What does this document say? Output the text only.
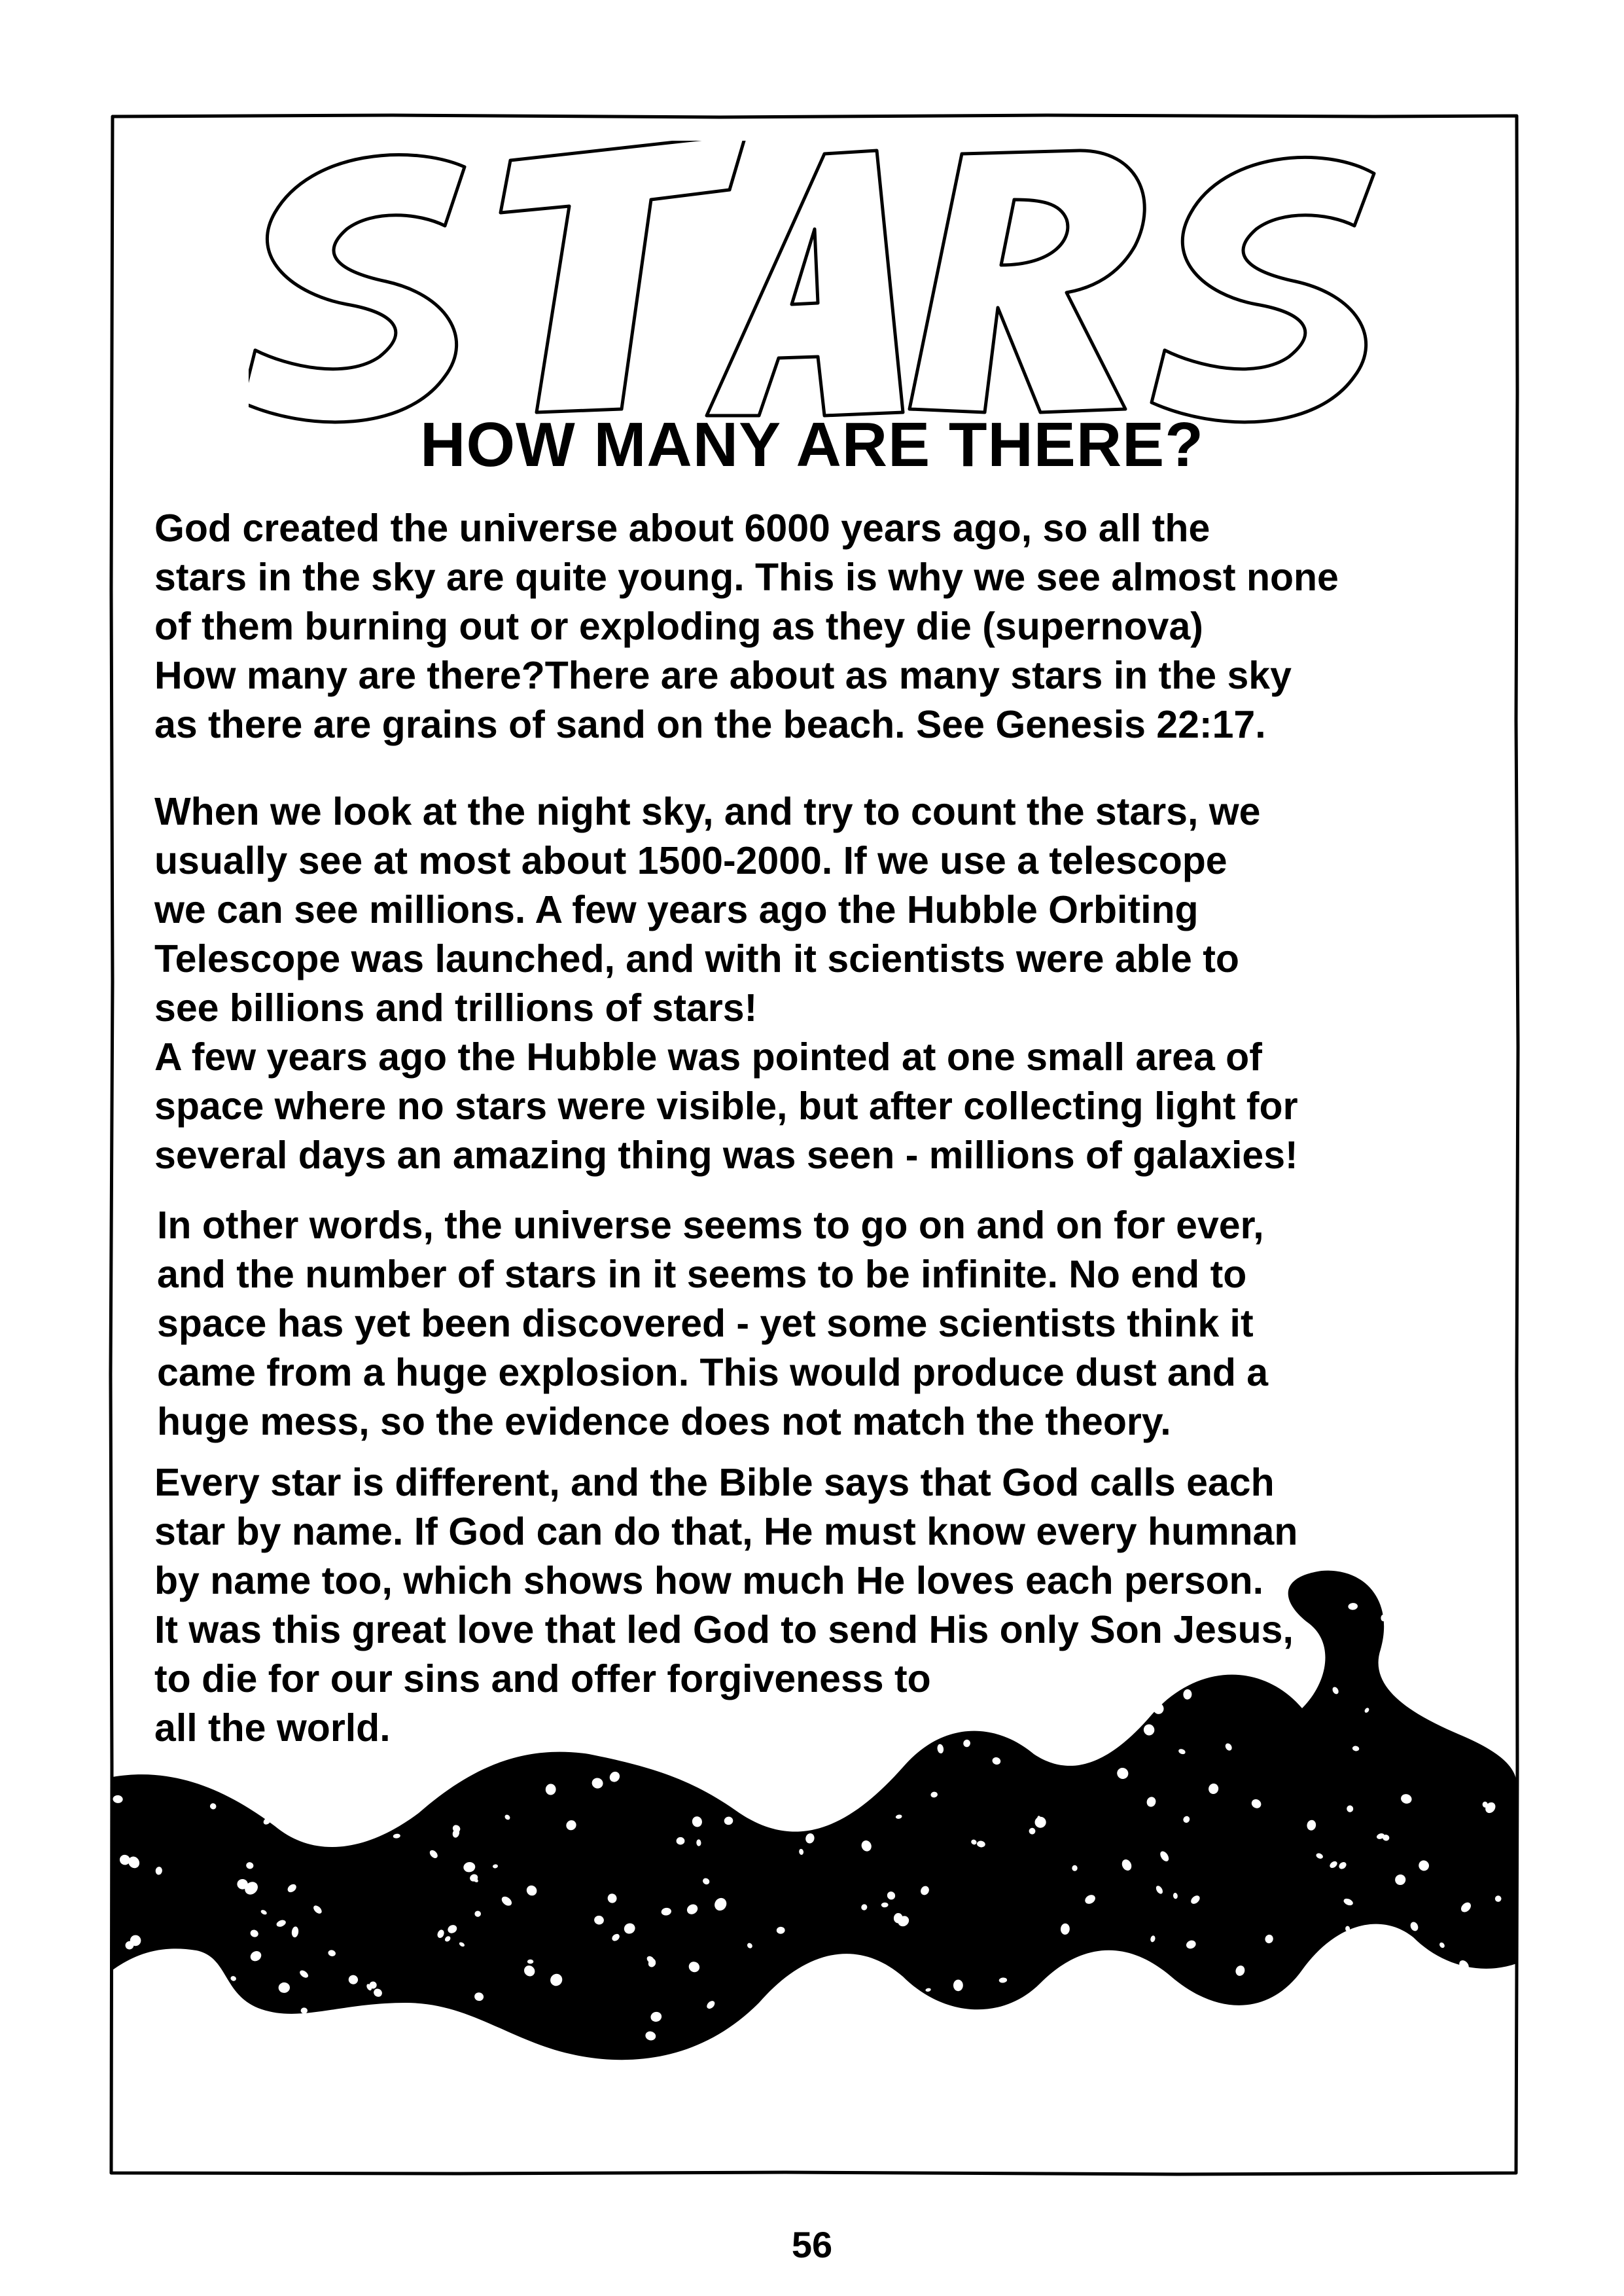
HOW MANY ARE THERE?

God created the universe about 6000 years ago, so all the
stars in the sky are quite young. This is why we see almost none
of them burning out or exploding as they die (supernova)
How many are there?There are about as many stars in the sky
as there are grains of sand on the beach. See Genesis 22:17.

When we look at the night sky, and try to count the stars, we
usually see at most about 1500-2000. If we use a telescope
we can see millions. A few years ago the Hubble Orbiting
Telescope was launched, and with it scientists were able to
see billions and trillions of stars!
A few years ago the Hubble was pointed at one small area of
space where no stars were visible, but after collecting light for
several days an amazing thing was seen - millions of galaxies!

In other words, the universe seems to go on and on for ever,
and the number of stars in it seems to be infinite. No end to
space has yet been discovered - yet some scientists think it
came from a huge explosion. This would produce dust and a
huge mess, so the evidence does not match the theory.

Every star is different, and the Bible says that God calls each
star by name. If God can do that, He must know every humnan
by name too, which shows how much He loves each person.
It was this great love that led God to send His only Son Jesus,
to die for our sins and offer forgiveness to
all the world.

56
